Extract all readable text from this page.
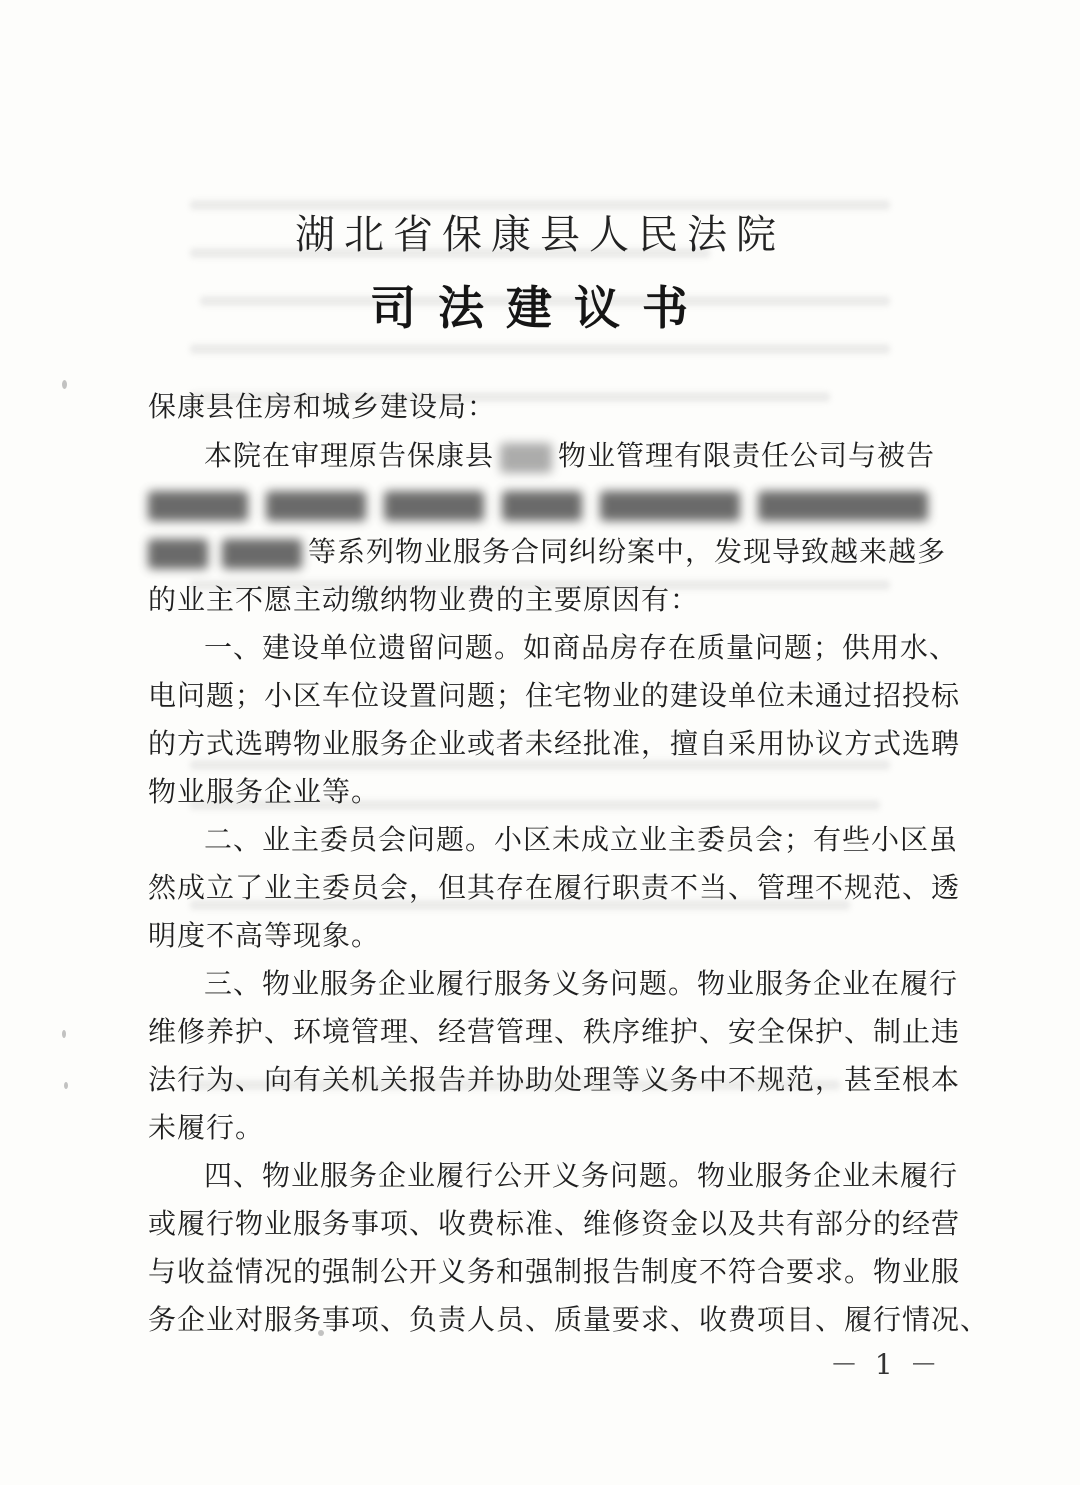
湖北省保康县人民法院
司法建议书
保康县住房和城乡建设局：
本院在审理原告保康县 物业管理有限责任公司与被告
等系列物业服务合同纠纷案中，发现导致越来越多
的业主不愿主动缴纳物业费的主要原因有：
一、建设单位遗留问题。如商品房存在质量问题；供用水、
电问题；小区车位设置问题；住宅物业的建设单位未通过招投标
的方式选聘物业服务企业或者未经批准，擅自采用协议方式选聘
物业服务企业等。
二、业主委员会问题。小区未成立业主委员会；有些小区虽
然成立了业主委员会，但其存在履行职责不当、管理不规范、透
明度不高等现象。
三、物业服务企业履行服务义务问题。物业服务企业在履行
维修养护、环境管理、经营管理、秩序维护、安全保护、制止违
法行为、向有关机关报告并协助处理等义务中不规范，甚至根本
未履行。
四、物业服务企业履行公开义务问题。物业服务企业未履行
或履行物业服务事项、收费标准、维修资金以及共有部分的经营
与收益情况的强制公开义务和强制报告制度不符合要求。物业服
务企业对服务事项、负责人员、质量要求、收费项目、履行情况、
－ 1 －
